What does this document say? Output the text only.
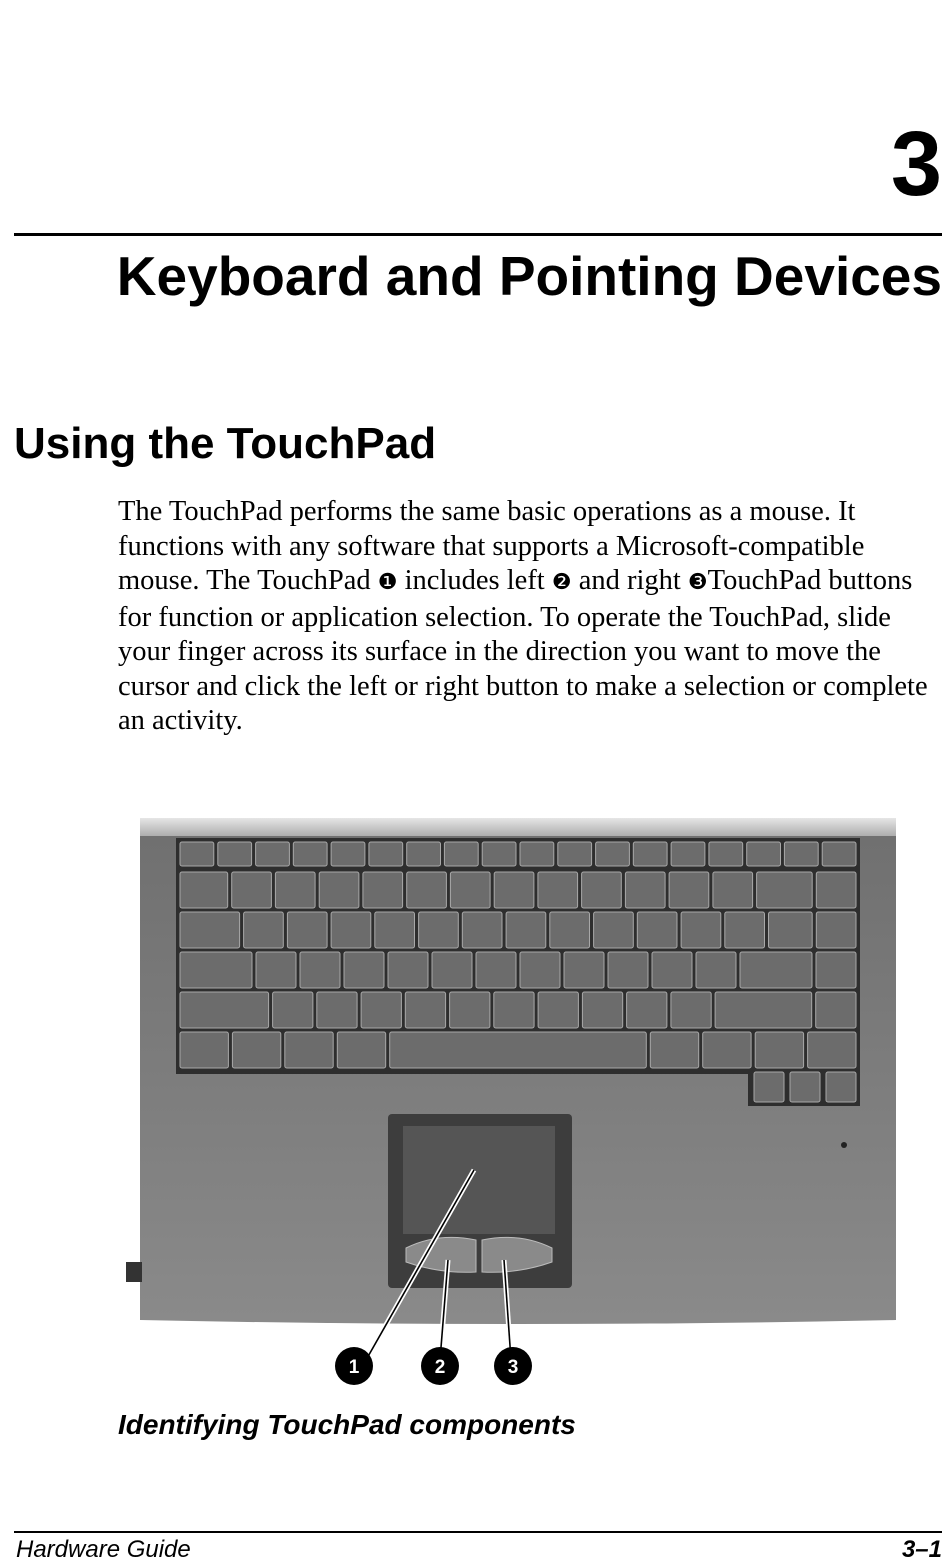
3
Keyboard and Pointing Devices
Using the TouchPad

The TouchPad performs the same basic operations as a mouse. It functions with any software that supports a Microsoft-compatible mouse. The TouchPad ❶ includes left ❷ and right ❸TouchPad buttons for function or application selection. To operate the TouchPad, slide your finger across its surface in the direction you want to move the cursor and click the left or right button to make a selection or complete an activity.

1	2	3
Identifying TouchPad components
Hardware Guide	3–1
